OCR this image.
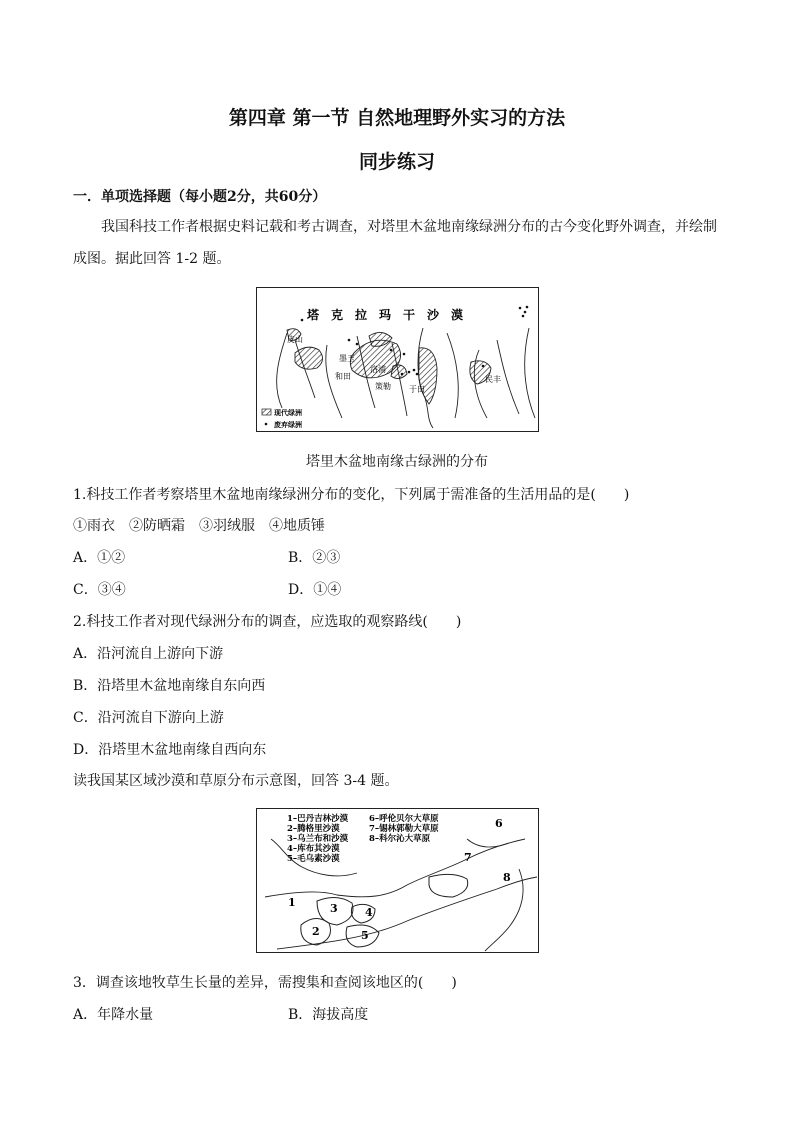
第四章 第一节 自然地理野外实习的方法
同步练习
一．单项选择题（每小题2分，共60分）
我国科技工作者根据史料记载和考古调查，对塔里木盆地南缘绿洲分布的古今变化野外调查，并绘制成图。据此回答 1-2 题。
塔　克　拉　玛　干　沙　漠
皮山
墨玉
和田
洛浦
策勒 于田
民丰
现代绿洲
废弃绿洲
塔里木盆地南缘古绿洲的分布
1.科技工作者考察塔里木盆地南缘绿洲分布的变化，下列属于需准备的生活用品的是(　　)
①雨衣　②防晒霜　③羽绒服　④地质锤
A．①②	B．②③
C．③④	D．①④
2.科技工作者对现代绿洲分布的调查，应选取的观察路线(　　)
A．沿河流自上游向下游
B．沿塔里木盆地南缘自东向西
C．沿河流自下游向上游
D．沿塔里木盆地南缘自西向东
读我国某区域沙漠和草原分布示意图，回答 3-4 题。
1–巴丹吉林沙漠
2–腾格里沙漠
3–乌兰布和沙漠
4–库布其沙漠
5–毛乌素沙漠
6–呼伦贝尔大草原
7–锡林郭勒大草原
8–科尔沁大草原
1
2
3 4
5
6
7
8
3．调查该地牧草生长量的差异，需搜集和查阅该地区的(　　)
A．年降水量	B．海拔高度
